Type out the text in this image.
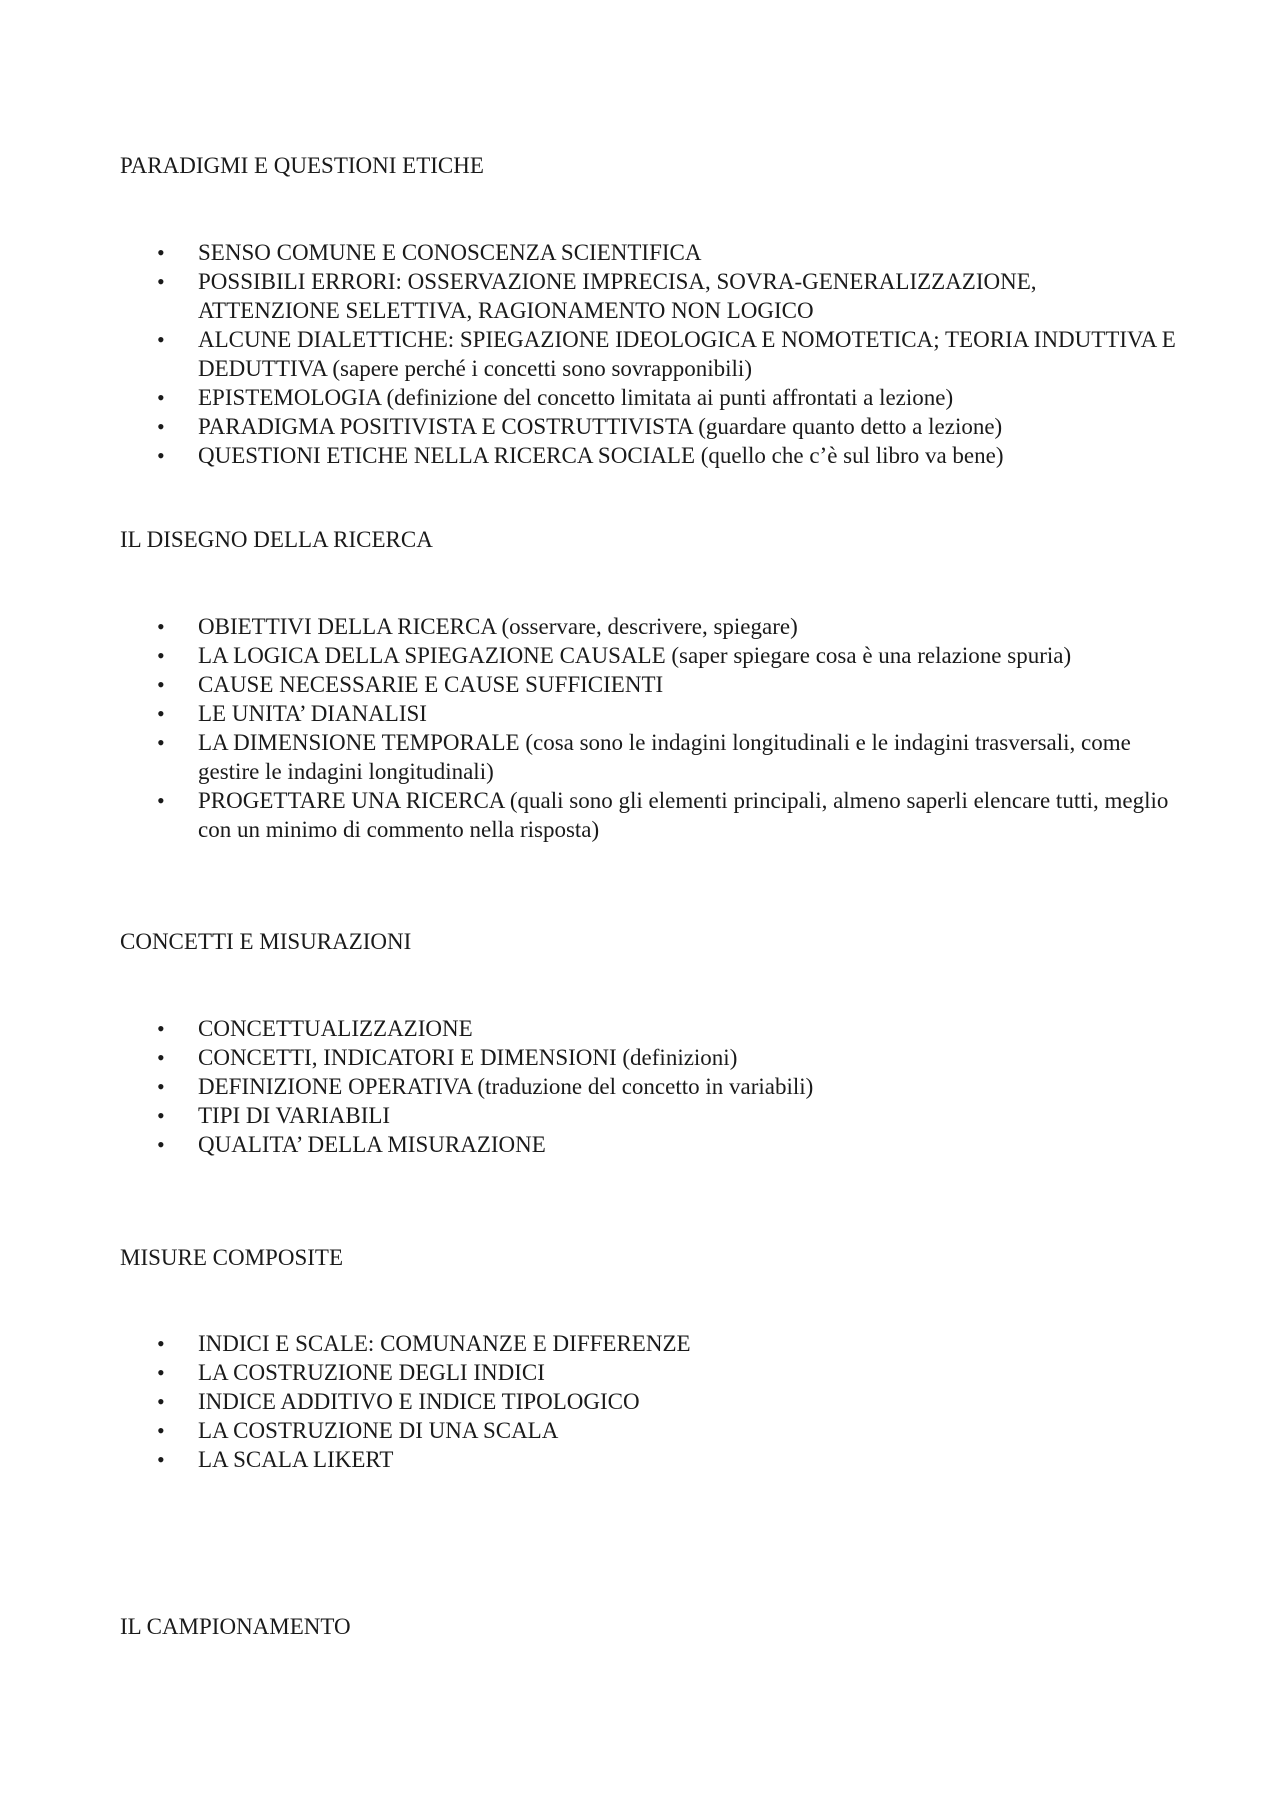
PARADIGMI E QUESTIONI ETICHE
• SENSO COMUNE E CONOSCENZA SCIENTIFICA
• POSSIBILI ERRORI: OSSERVAZIONE IMPRECISA, SOVRA-GENERALIZZAZIONE, ATTENZIONE SELETTIVA, RAGIONAMENTO NON LOGICO
• ALCUNE DIALETTICHE: SPIEGAZIONE IDEOLOGICA E NOMOTETICA; TEORIA INDUTTIVA E DEDUTTIVA (sapere perché i concetti sono sovrapponibili)
• EPISTEMOLOGIA (definizione del concetto limitata ai punti affrontati a lezione)
• PARADIGMA POSITIVISTA E COSTRUTTIVISTA (guardare quanto detto a lezione)
• QUESTIONI ETICHE NELLA RICERCA SOCIALE (quello che c’è sul libro va bene)
IL DISEGNO DELLA RICERCA
• OBIETTIVI DELLA RICERCA (osservare, descrivere, spiegare)
• LA LOGICA DELLA SPIEGAZIONE CAUSALE (saper spiegare cosa è una relazione spuria)
• CAUSE NECESSARIE E CAUSE SUFFICIENTI
• LE UNITA’ DIANALISI
• LA DIMENSIONE TEMPORALE (cosa sono le indagini longitudinali e le indagini trasversali, come gestire le indagini longitudinali)
• PROGETTARE UNA RICERCA (quali sono gli elementi principali, almeno saperli elencare tutti, meglio con un minimo di commento nella risposta)
CONCETTI E MISURAZIONI
• CONCETTUALIZZAZIONE
• CONCETTI, INDICATORI E DIMENSIONI (definizioni)
• DEFINIZIONE OPERATIVA (traduzione del concetto in variabili)
• TIPI DI VARIABILI
• QUALITA’ DELLA MISURAZIONE
MISURE COMPOSITE
• INDICI E SCALE: COMUNANZE E DIFFERENZE
• LA COSTRUZIONE DEGLI INDICI
• INDICE ADDITIVO E INDICE TIPOLOGICO
• LA COSTRUZIONE DI UNA SCALA
• LA SCALA LIKERT
IL CAMPIONAMENTO
